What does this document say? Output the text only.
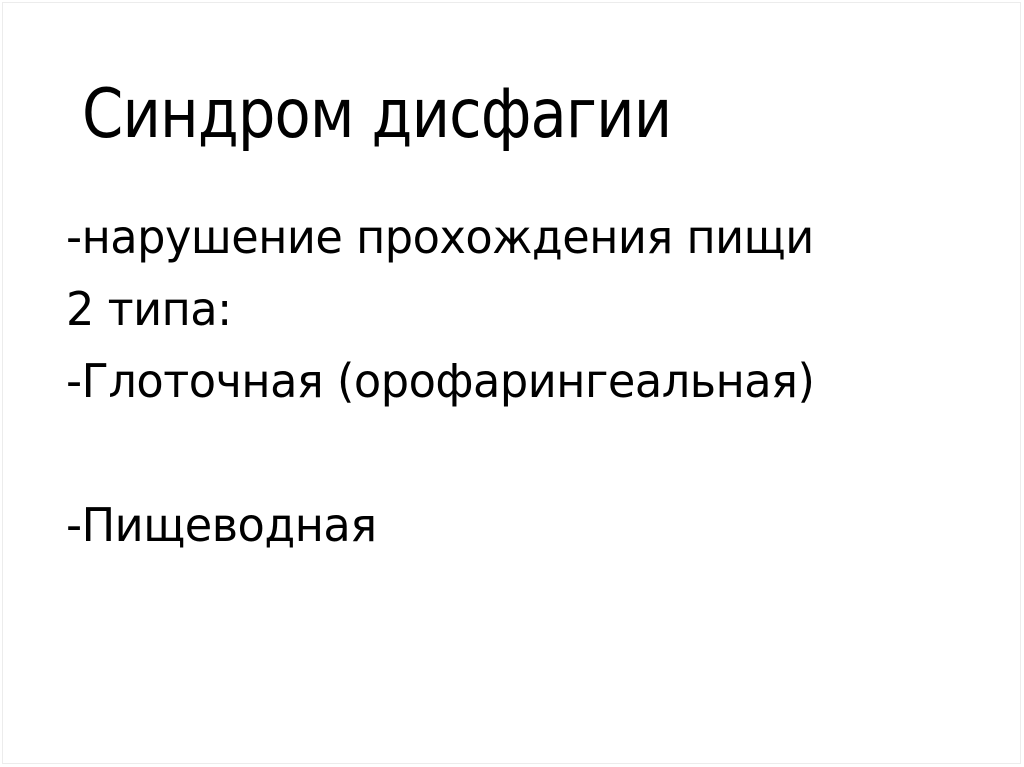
Синдром дисфагии
-нарушение прохождения пищи
2 типа:
-Глоточная (орофарингеальная)
-Пищеводная
